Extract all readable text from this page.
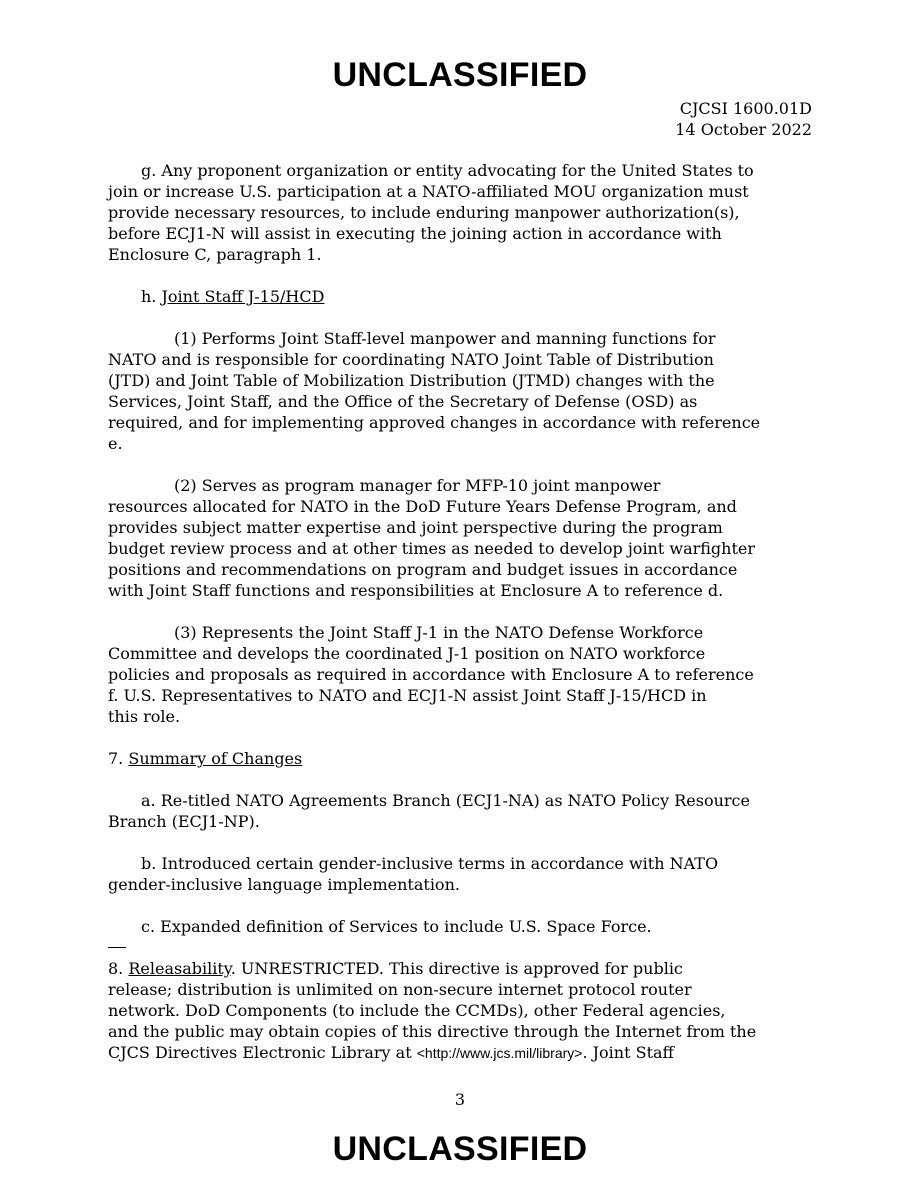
UNCLASSIFIED
CJCSI 1600.01D
14 October 2022

g. Any proponent organization or entity advocating for the United States to
join or increase U.S. participation at a NATO-affiliated MOU organization must
provide necessary resources, to include enduring manpower authorization(s),
before ECJ1-N will assist in executing the joining action in accordance with
Enclosure C, paragraph 1.

h. Joint Staff J-15/HCD

(1) Performs Joint Staff-level manpower and manning functions for
NATO and is responsible for coordinating NATO Joint Table of Distribution
(JTD) and Joint Table of Mobilization Distribution (JTMD) changes with the
Services, Joint Staff, and the Office of the Secretary of Defense (OSD) as
required, and for implementing approved changes in accordance with reference
e.

(2) Serves as program manager for MFP-10 joint manpower
resources allocated for NATO in the DoD Future Years Defense Program, and
provides subject matter expertise and joint perspective during the program
budget review process and at other times as needed to develop joint warfighter
positions and recommendations on program and budget issues in accordance
with Joint Staff functions and responsibilities at Enclosure A to reference d.

(3) Represents the Joint Staff J-1 in the NATO Defense Workforce
Committee and develops the coordinated J-1 position on NATO workforce
policies and proposals as required in accordance with Enclosure A to reference
f. U.S. Representatives to NATO and ECJ1-N assist Joint Staff J-15/HCD in
this role.

7. Summary of Changes

a. Re-titled NATO Agreements Branch (ECJ1-NA) as NATO Policy Resource
Branch (ECJ1-NP).

b. Introduced certain gender-inclusive terms in accordance with NATO
gender-inclusive language implementation.

c. Expanded definition of Services to include U.S. Space Force.

8. Releasability. UNRESTRICTED. This directive is approved for public
release; distribution is unlimited on non-secure internet protocol router
network. DoD Components (to include the CCMDs), other Federal agencies,
and the public may obtain copies of this directive through the Internet from the
CJCS Directives Electronic Library at <http://www.jcs.mil/library>. Joint Staff

3
UNCLASSIFIED
